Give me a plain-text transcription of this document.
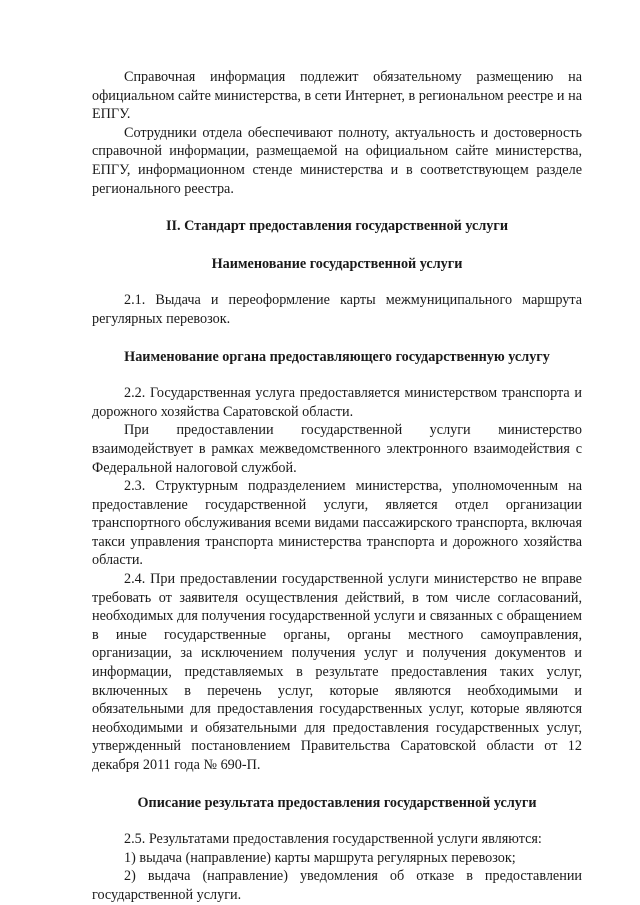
Справочная информация подлежит обязательному размещению на официальном сайте министерства, в сети Интернет, в региональном реестре и на ЕПГУ.

Сотрудники отдела обеспечивают полноту, актуальность и достоверность справочной информации, размещаемой на официальном сайте министерства, ЕПГУ, информационном стенде министерства и в соответствующем разделе регионального реестра.

II. Стандарт предоставления государственной услуги

Наименование государственной услуги

2.1. Выдача и переоформление карты межмуниципального маршрута регулярных перевозок.

Наименование органа предоставляющего государственную услугу

2.2. Государственная услуга предоставляется министерством транспорта и дорожного хозяйства Саратовской области.

При предоставлении государственной услуги министерство взаимодействует в рамках межведомственного электронного взаимодействия с Федеральной налоговой службой.

2.3. Структурным подразделением министерства, уполномоченным на предоставление государственной услуги, является отдел организации транспортного обслуживания всеми видами пассажирского транспорта, включая такси управления транспорта министерства транспорта и дорожного хозяйства области.

2.4. При предоставлении государственной услуги министерство не вправе требовать от заявителя осуществления действий, в том числе согласований, необходимых для получения государственной услуги и связанных с обращением в иные государственные органы, органы местного самоуправления, организации, за исключением получения услуг и получения документов и информации, представляемых в результате предоставления таких услуг, включенных в перечень услуг, которые являются необходимыми и обязательными для предоставления государственных услуг, которые являются необходимыми и обязательными для предоставления государственных услуг, утвержденный постановлением Правительства Саратовской области от 12 декабря 2011 года № 690-П.

Описание результата предоставления государственной услуги

2.5. Результатами предоставления государственной услуги являются:

1) выдача (направление) карты маршрута регулярных перевозок;

2) выдача (направление) уведомления об отказе в предоставлении государственной услуги.
